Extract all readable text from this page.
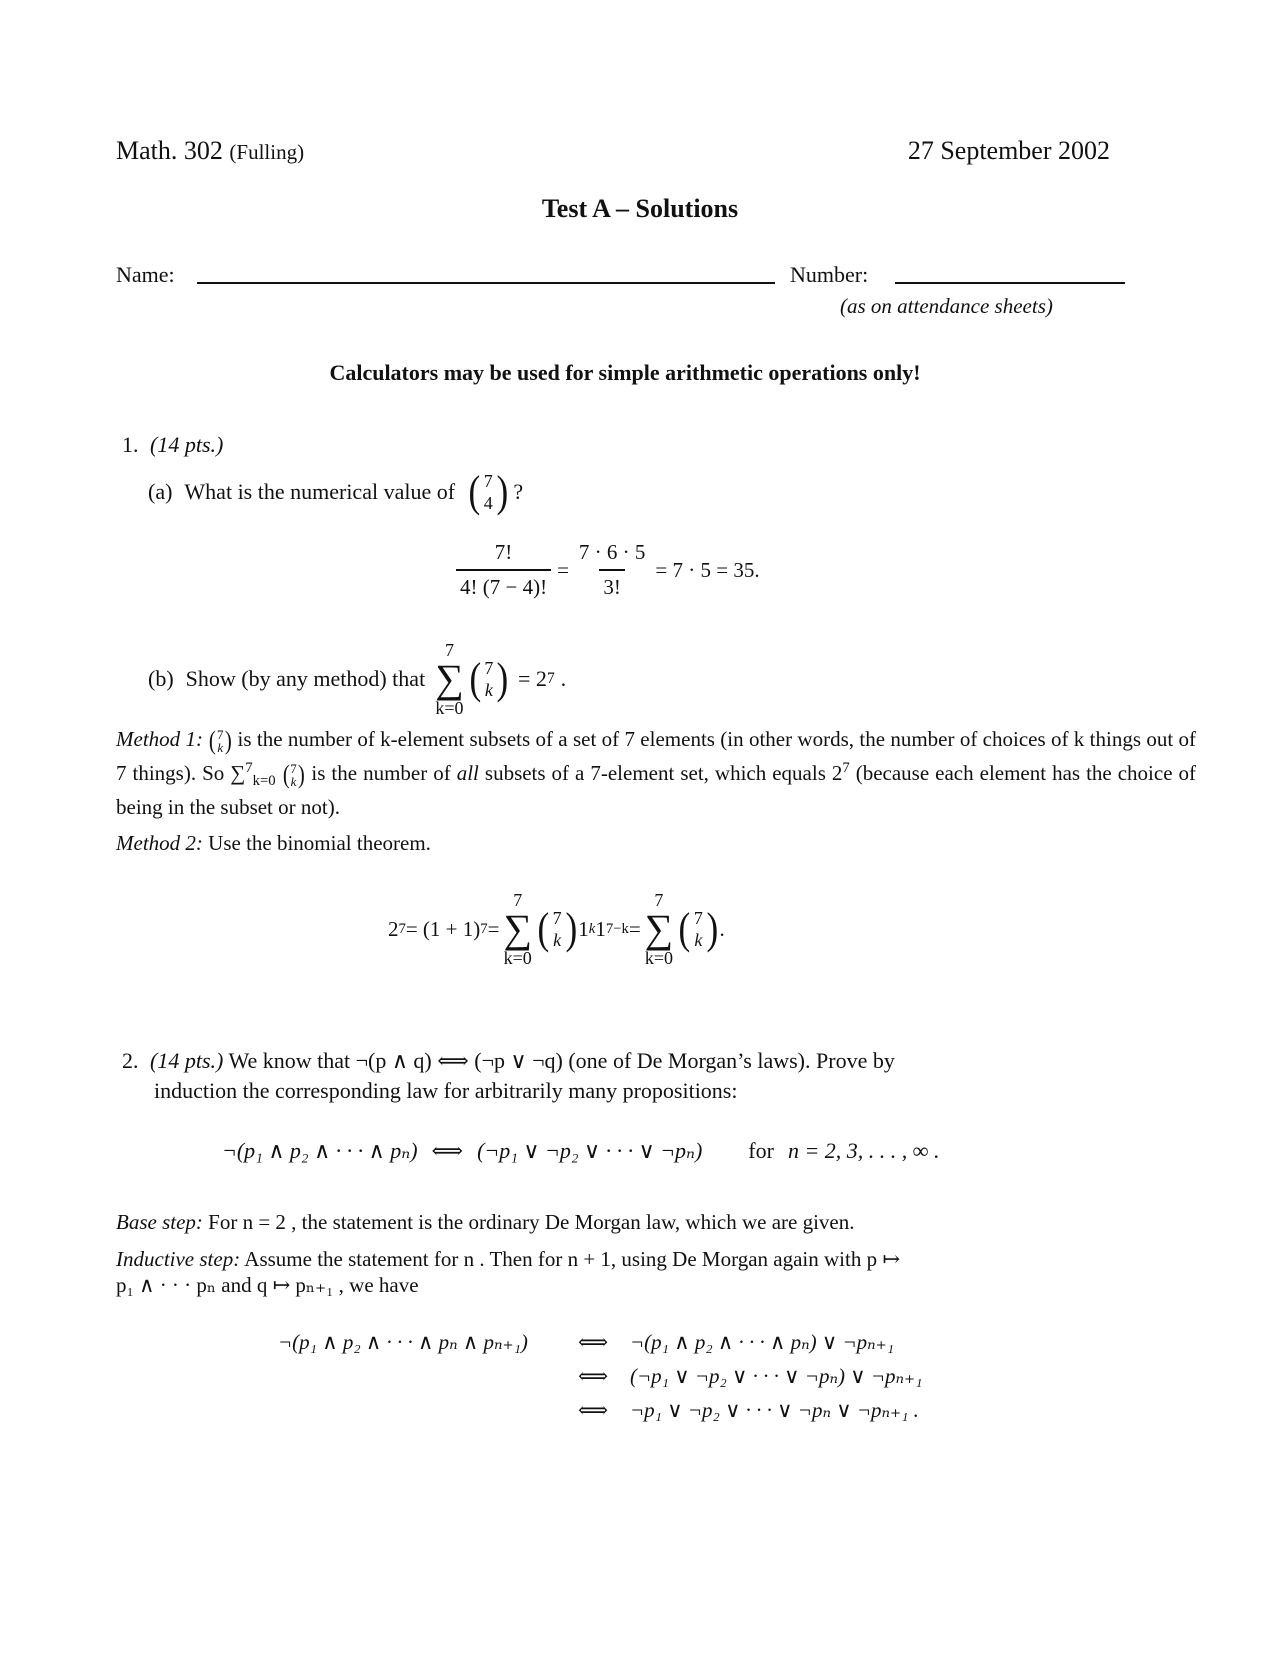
Math. 302 (Fulling)	27 September 2002
Test A – Solutions
Name:	Number:
(as on attendance sheets)
Calculators may be used for simple arithmetic operations only!
1. (14 pts.)
(a) What is the numerical value of ( 7
4 ) ?
$\frac{7!}{4! (7 - 4)!} = \frac{7 \cdot 6 \cdot 5}{3!} = 7 \cdot 5 = 35$.
(b) Show (by any method) that
7
∑
k=0
( 7
k ) = 2 7 .

Method 1: ( 7
k ) is the number of k-element subsets of a set of 7 elements (in other words, the number of choices of k things out of 7 things). So ∑$^7_{k=0}$ ( 7
k ) is the number of all subsets of a 7-element set, which equals $2^7$ (because each element has the choice of being in the subset or not).

Method 2: Use the binomial theorem.

2 7 = (1 + 1) 7 =
7
∑
k=0
( 7
k ) 1 k 1 7−k =
7
∑
k=0
( 7
k ) .
2. (14 pts.) We know that ¬(p ∧ q) ⟺ (¬p ∨ ¬q) (one of De Morgan’s laws). Prove by
induction the corresponding law for arbitrarily many propositions:
¬(p₁ ∧ p₂ ∧ · · · ∧ pₙ) ⟺ (¬p₁ ∨ ¬p₂ ∨ · · · ∨ ¬pₙ) for n = 2, 3, . . . , ∞ .
Base step: For n = 2 , the statement is the ordinary De Morgan law, which we are given.
Inductive step: Assume the statement for n . Then for n + 1, using De Morgan again with p ↦
p₁ ∧ · · · pₙ and q ↦ pₙ₊₁ , we have
¬(p₁ ∧ p₂ ∧ · · · ∧ pₙ ∧ pₙ₊₁) ⟺ ¬(p₁ ∧ p₂ ∧ · · · ∧ pₙ) ∨ ¬pₙ₊₁
⟺ (¬p₁ ∨ ¬p₂ ∨ · · · ∨ ¬pₙ) ∨ ¬pₙ₊₁
⟺ ¬p₁ ∨ ¬p₂ ∨ · · · ∨ ¬pₙ ∨ ¬pₙ₊₁ .
